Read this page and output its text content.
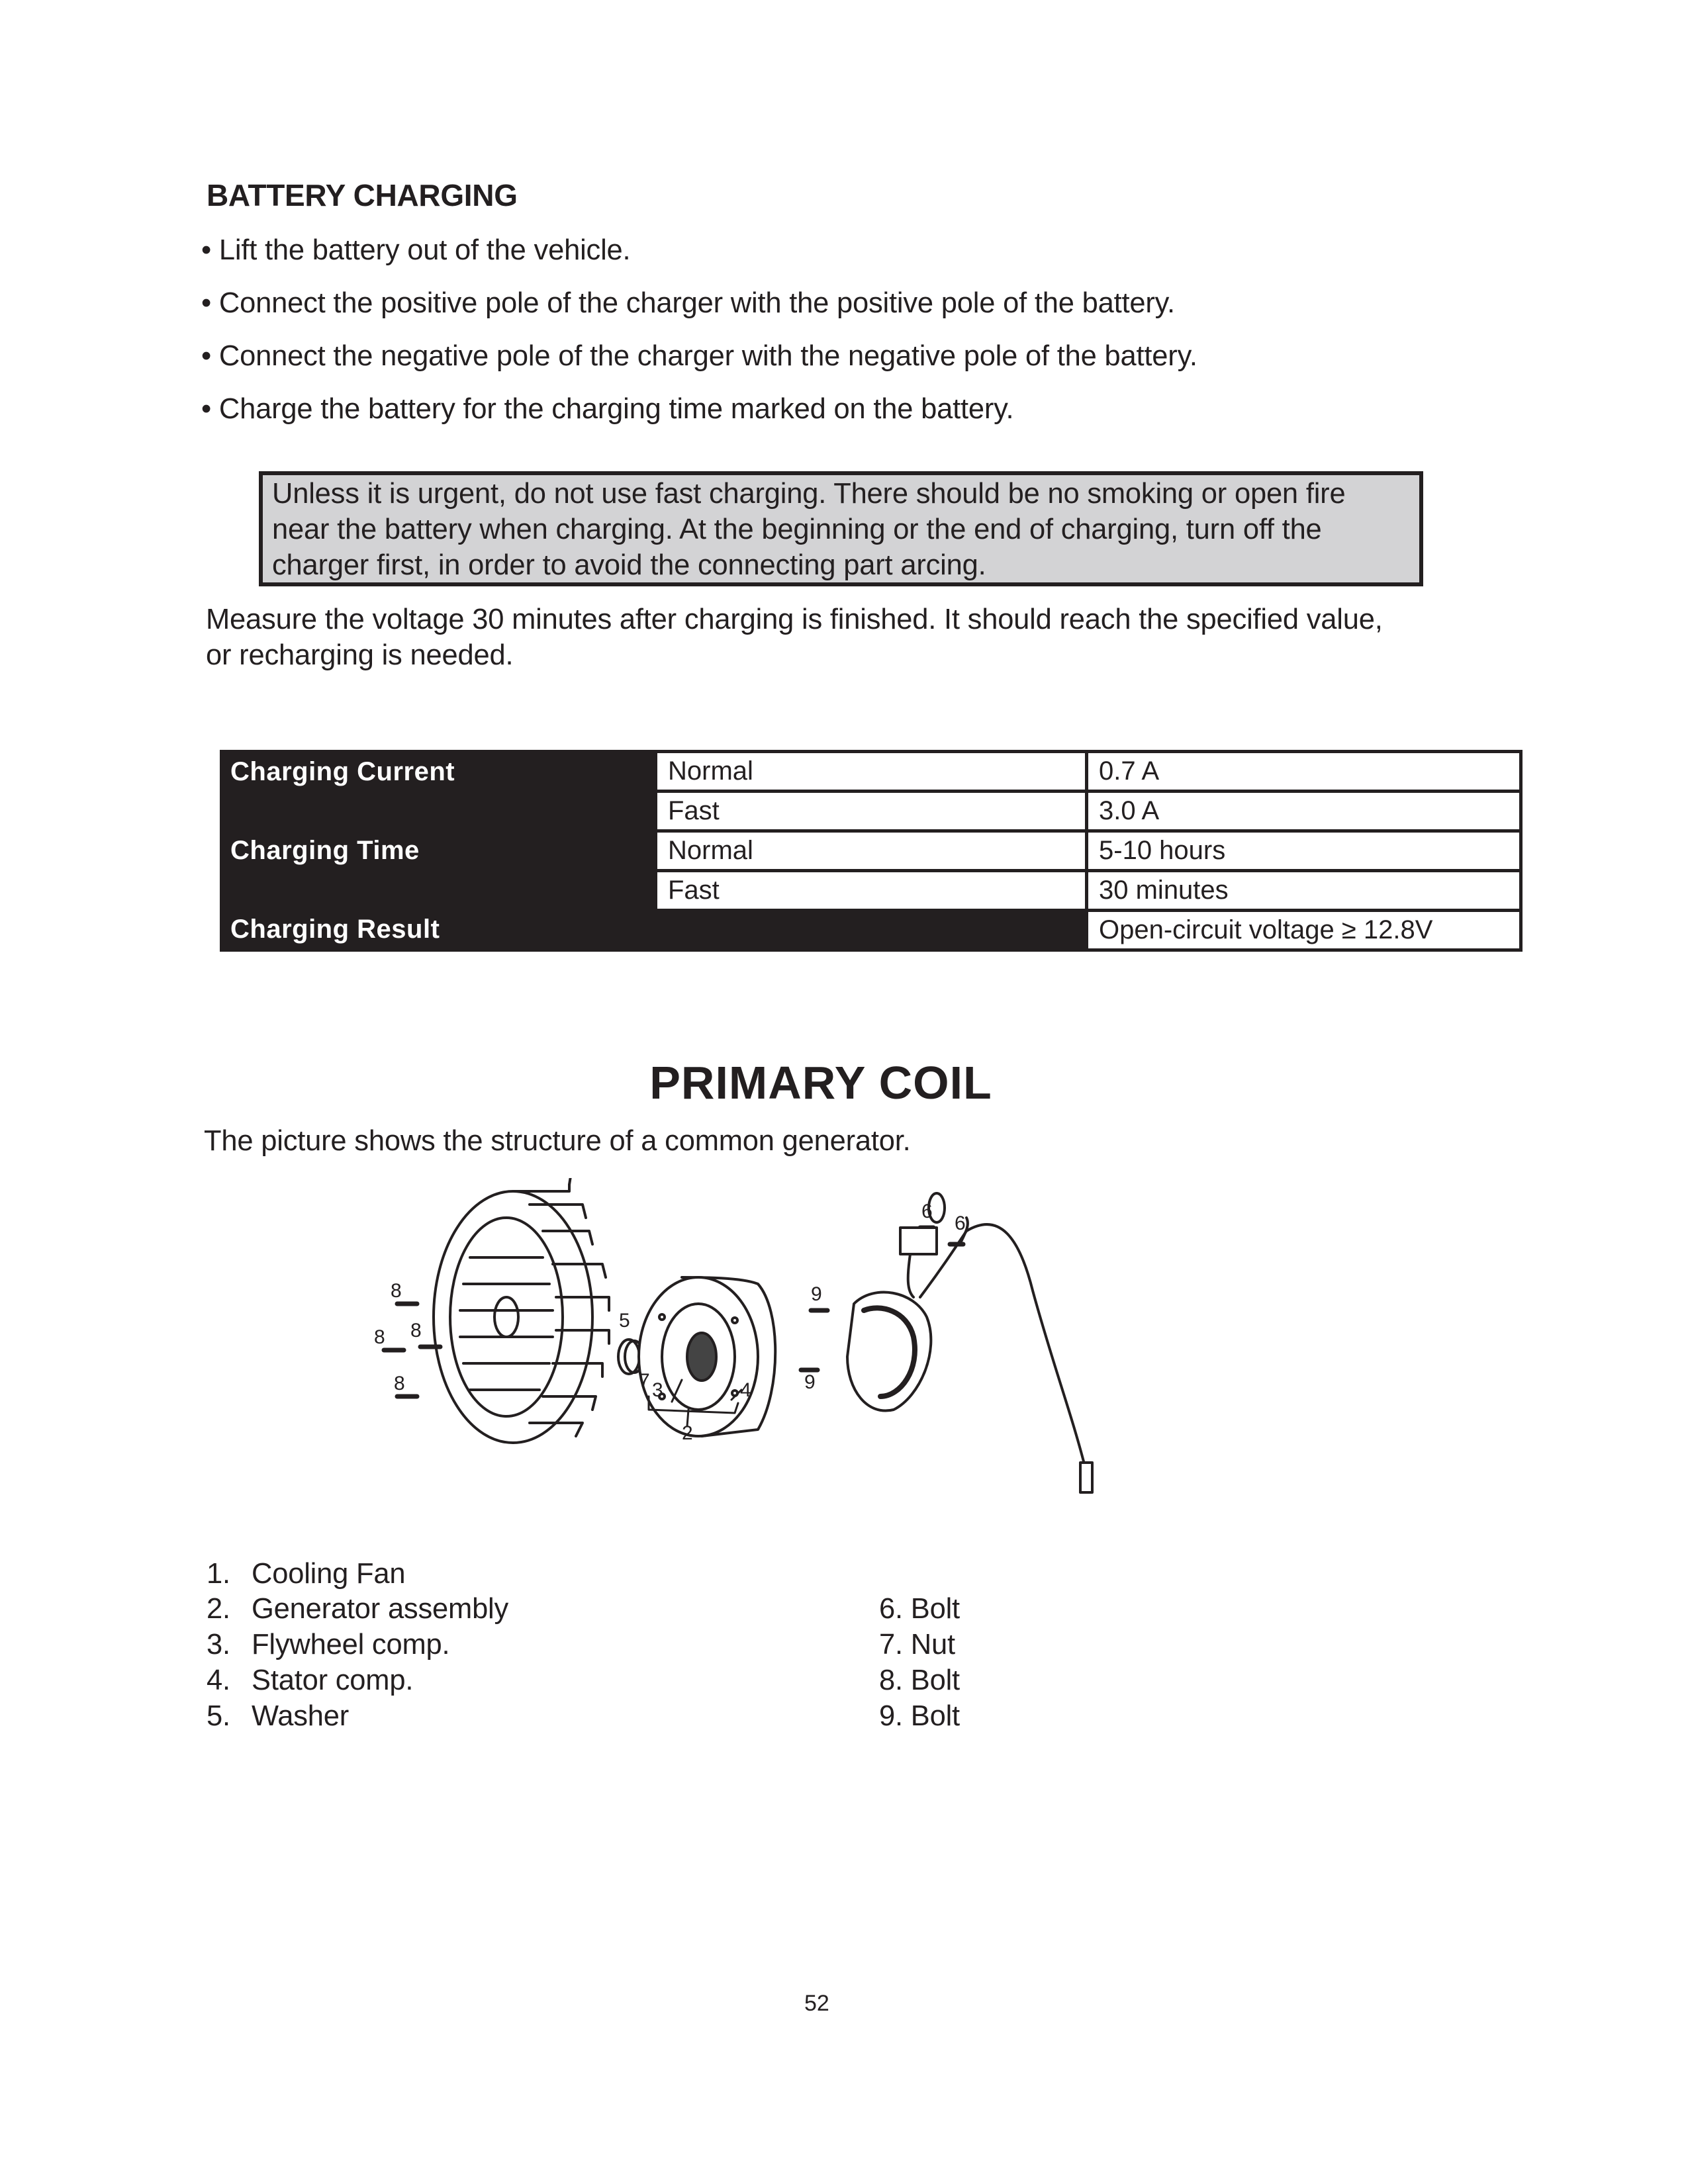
BATTERY CHARGING
• Lift the battery out of the vehicle.
• Connect the positive pole of the charger with the positive pole of the battery.
• Connect the negative pole of the charger with the negative pole of the battery.
• Charge the battery for the charging time marked on the battery.
Unless it is urgent, do not use fast charging. There should be no smoking or open fire
near the battery when charging. At the beginning or the end of charging, turn off the
charger first, in order to avoid the connecting part arcing.
Measure the voltage 30 minutes after charging is finished. It should reach the specified value,
or recharging is needed.
Charging Current	Normal	0.7 A
	Fast	3.0 A
Charging Time	Normal	5-10 hours
	Fast	30 minutes
Charging Result		Open-circuit voltage ≥ 12.8V
PRIMARY COIL
The picture shows the structure of a common generator.
2
3	4
5
6
6
7
8
8 8
8
9
9
1. Cooling Fan
2. Generator assembly
3. Flywheel comp.
4. Stator comp.
5. Washer
6. Bolt
7. Nut
8. Bolt
9. Bolt
52
